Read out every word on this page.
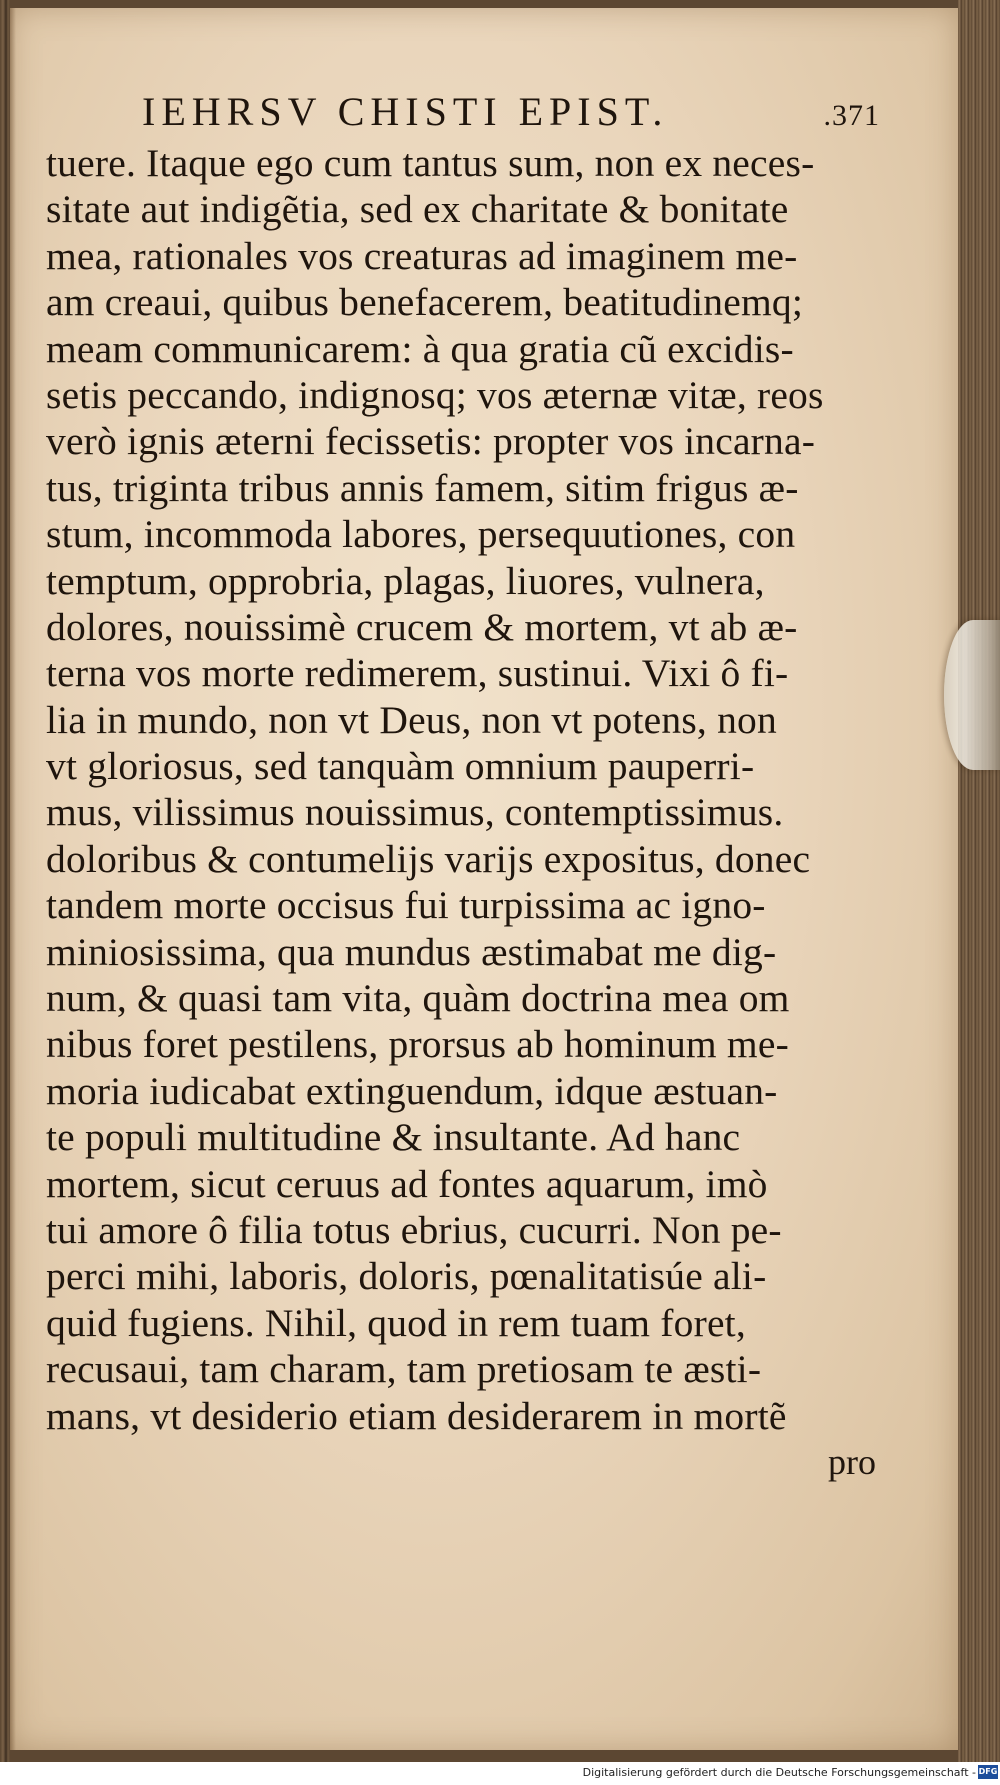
IEHRSV CHISTI EPIST.	.371
tuere. Itaque ego cum tantus sum, non ex neces-
sitate aut indigẽtia, sed ex charitate & bonitate
mea, rationales vos creaturas ad imaginem me-
am creaui, quibus benefacerem, beatitudinemq;
meam communicarem: à qua gratia cũ excidis-
setis peccando, indignosq; vos æternæ vitæ, reos
verò ignis æterni fecissetis: propter vos incarna-
tus, triginta tribus annis famem, sitim frigus æ-
stum, incommoda labores, persequutiones, con
temptum, opprobria, plagas, liuores, vulnera,
dolores, nouissimè crucem & mortem, vt ab æ-
terna vos morte redimerem, sustinui. Vixi ô fi-
lia in mundo, non vt Deus, non vt potens, non
vt gloriosus, sed tanquàm omnium pauperri-
mus, vilissimus nouissimus, contemptissimus.
doloribus & contumelijs varijs expositus, donec
tandem morte occisus fui turpissima ac igno-
miniosissima, qua mundus æstimabat me dig-
num, & quasi tam vita, quàm doctrina mea om
nibus foret pestilens, prorsus ab hominum me-
moria iudicabat extinguendum, idque æstuan-
te populi multitudine & insultante. Ad hanc
mortem, sicut ceruus ad fontes aquarum, imò
tui amore ô filia totus ebrius, cucurri. Non pe-
perci mihi, laboris, doloris, pœnalitatisúe ali-
quid fugiens. Nihil, quod in rem tuam foret,
recusaui, tam charam, tam pretiosam te æsti-
mans, vt desiderio etiam desiderarem in mortẽ
pro
Digitalisierung gefördert durch die Deutsche Forschungsgemeinschaft - DFG
